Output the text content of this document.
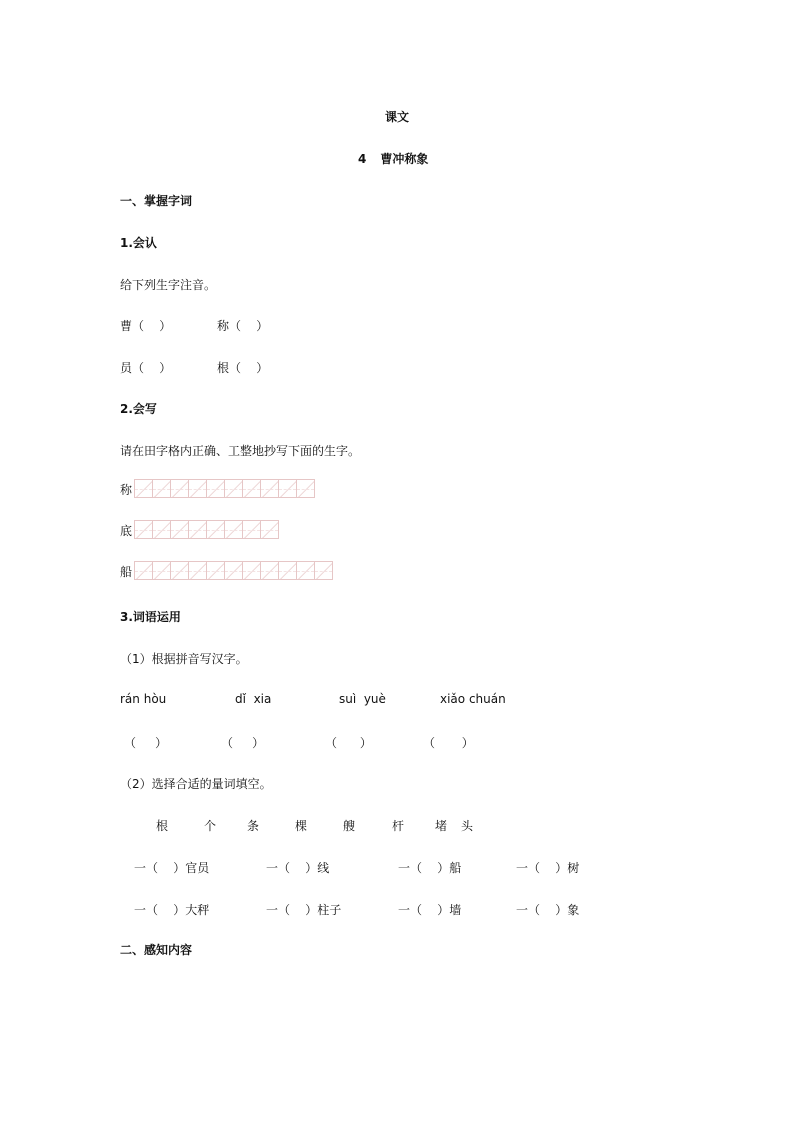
课文
4 曹冲称象
一、掌握字词
1.会认
给下列生字注音。
曹（    ）	称（    ）
员（    ）	根（    ）
2.会写
请在田字格内正确、工整地抄写下面的生字。
称
底
船
3.词语运用
（1）根据拼音写汉字。
rán hòu	dǐ  xia	suì  yuè	xiǎo chuán
（     ）	（     ）	（      ）	（       ）
（2）选择合适的量词填空。
根	个	条	棵	艘	杆	堵 头
一（    ）官员	一（    ）线	一（    ）船	一（    ）树
一（    ）大秤	一（    ）柱子	一（    ）墙	一（    ）象
二、感知内容
